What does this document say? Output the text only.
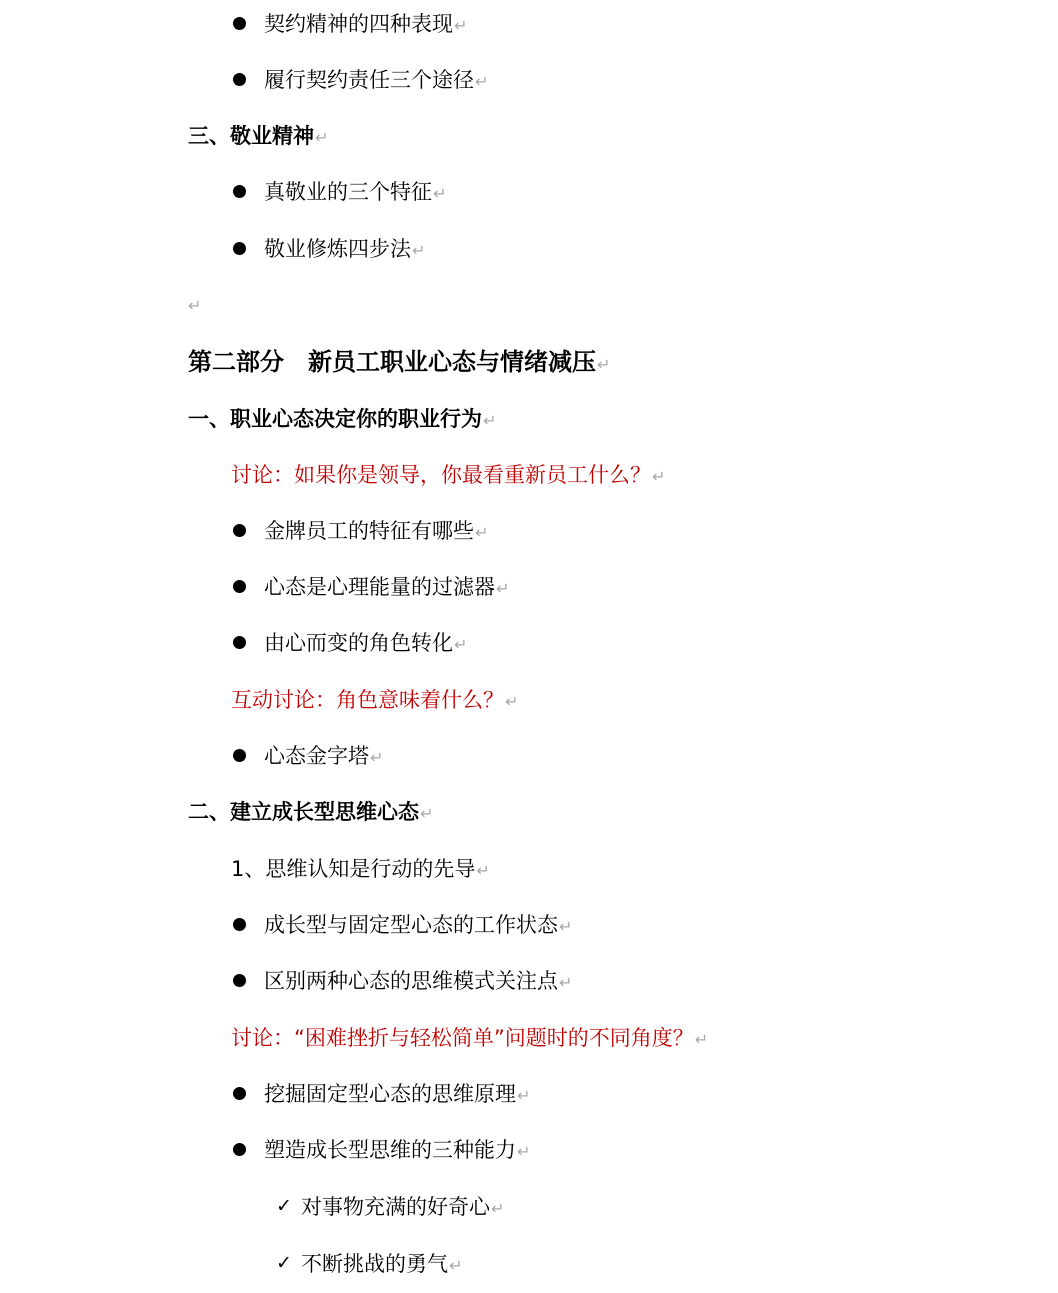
契约精神的四种表现↵
履行契约责任三个途径↵
三、敬业精神↵
真敬业的三个特征↵
敬业修炼四步法↵
↵
第二部分　新员工职业心态与情绪减压↵
一、职业心态决定你的职业行为↵
讨论：如果你是领导，你最看重新员工什么？↵
金牌员工的特征有哪些↵
心态是心理能量的过滤器↵
由心而变的角色转化↵
互动讨论：角色意味着什么？↵
心态金字塔↵
二、建立成长型思维心态↵
1、思维认知是行动的先导↵
成长型与固定型心态的工作状态↵
区别两种心态的思维模式关注点↵
讨论：“困难挫折与轻松简单”问题时的不同角度？↵
挖掘固定型心态的思维原理↵
塑造成长型思维的三种能力↵
✓ 对事物充满的好奇心↵
✓ 不断挑战的勇气↵
